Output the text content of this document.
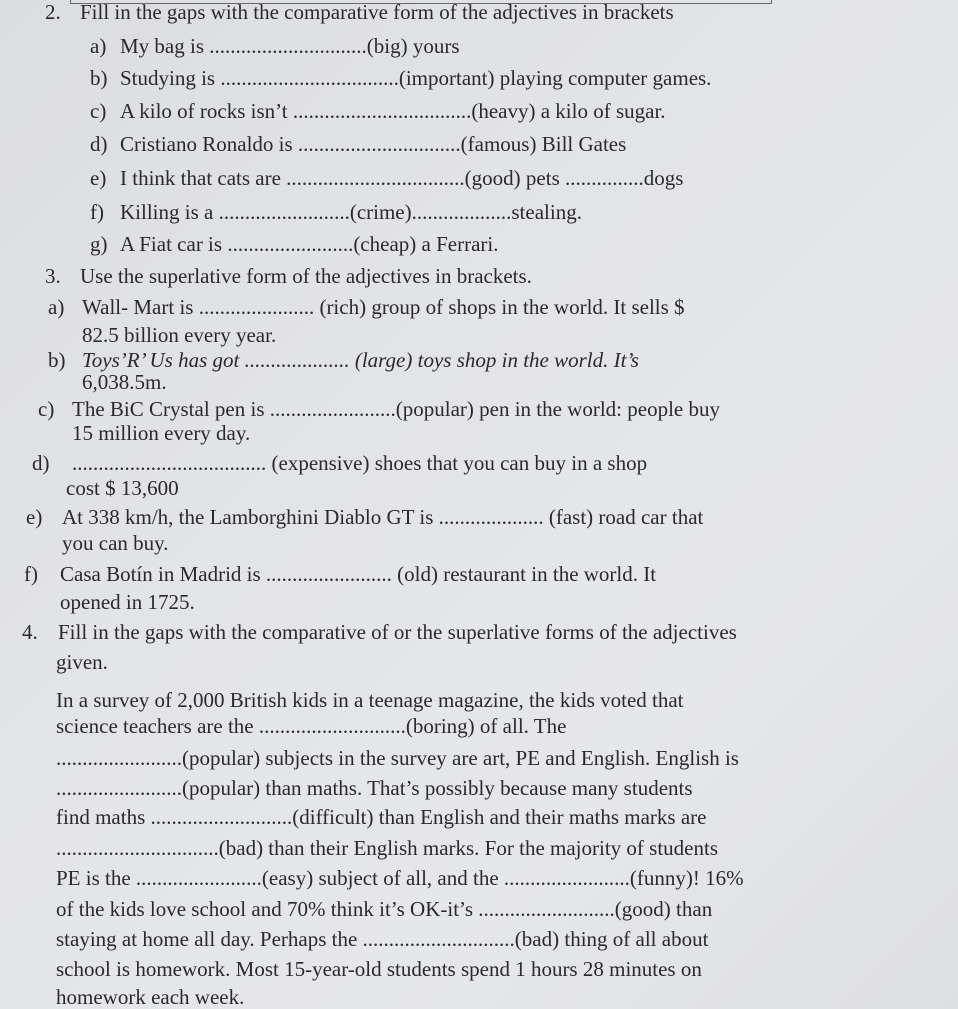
2. Fill in the gaps with the comparative form of the adjectives in brackets
a) My bag is ..............................(big) yours
b) Studying is ..................................(important) playing computer games.
c) A kilo of rocks isn’t ..................................(heavy) a kilo of sugar.
d) Cristiano Ronaldo is ...............................(famous) Bill Gates
e) I think that cats are ..................................(good) pets ...............dogs
f) Killing is a .........................(crime)...................stealing.
g) A Fiat car is ........................(cheap) a Ferrari.
3. Use the superlative form of the adjectives in brackets.
a) Wall- Mart is ...................... (rich) group of shops in the world. It sells $
82.5 billion every year.
b) Toys’R’ Us has got .................... (large) toys shop in the world. It’s
6,038.5m.
c) The BiC Crystal pen is ........................(popular) pen in the world: people buy
15 million every day.
d) ..................................... (expensive) shoes that you can buy in a shop
cost $ 13,600
e) At 338 km/h, the Lamborghini Diablo GT is .................... (fast) road car that
you can buy.
f) Casa Botín in Madrid is ........................ (old) restaurant in the world. It
opened in 1725.
4. Fill in the gaps with the comparative of or the superlative forms of the adjectives
given.
In a survey of 2,000 British kids in a teenage magazine, the kids voted that
science teachers are the ............................(boring) of all. The
........................(popular) subjects in the survey are art, PE and English. English is
........................(popular) than maths. That’s possibly because many students
find maths ...........................(difficult) than English and their maths marks are
...............................(bad) than their English marks. For the majority of students
PE is the ........................(easy) subject of all, and the ........................(funny)! 16%
of the kids love school and 70% think it’s OK-it’s ..........................(good) than
staying at home all day. Perhaps the .............................(bad) thing of all about
school is homework. Most 15-year-old students spend 1 hours 28 minutes on
homework each week.
